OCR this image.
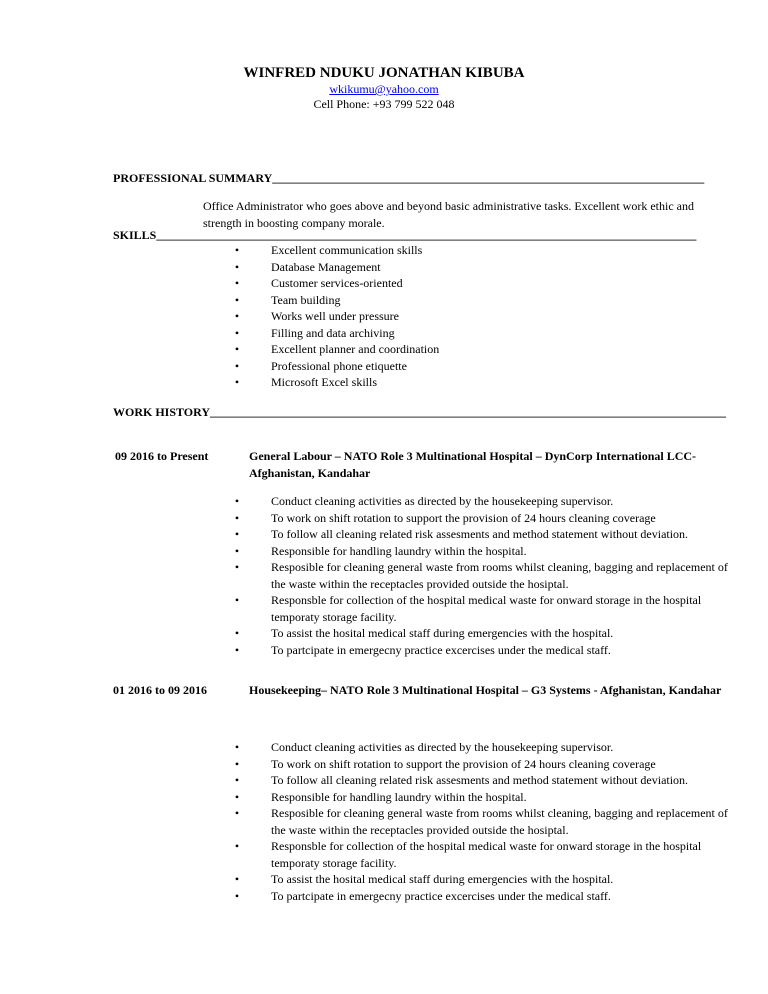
WINFRED NDUKU JONATHAN KIBUBA
wkikumu@yahoo.com
Cell Phone: +93 799 522 048
PROFESSIONAL SUMMARY________________________________________________________________________
Office Administrator who goes above and beyond basic administrative tasks. Excellent work ethic and strength in boosting company morale.
SKILLS__________________________________________________________________________________________
•	Excellent communication skills
•	Database Management
•	Customer services-oriented
•	Team building
•	Works well under pressure
•	Filling and data archiving
•	Excellent planner and coordination
•	Professional phone etiquette
•	Microsoft Excel skills
WORK HISTORY______________________________________________________________________________________
09 2016 to Present	General Labour – NATO Role 3 Multinational Hospital – DynCorp International LCC- Afghanistan, Kandahar
•	Conduct cleaning activities as directed by the housekeeping supervisor.
•	To work on shift rotation to support the provision of 24 hours cleaning coverage
•	To follow all cleaning related risk assesments and method statement without deviation.
•	Responsible for handling laundry within the hospital.
•	Resposible for cleaning general waste from rooms whilst cleaning, bagging and replacement of the waste within the receptacles provided outside the hosiptal.
•	Responsble for collection of the hospital medical waste for onward storage in the hospital temporaty storage facility.
•	To assist the hosital medical staff during emergencies with the hospital.
•	To partcipate in emergecny practice excercises under the medical staff.
01 2016 to 09 2016	Housekeeping– NATO Role 3 Multinational Hospital – G3 Systems - Afghanistan, Kandahar
•	Conduct cleaning activities as directed by the housekeeping supervisor.
•	To work on shift rotation to support the provision of 24 hours cleaning coverage
•	To follow all cleaning related risk assesments and method statement without deviation.
•	Responsible for handling laundry within the hospital.
•	Resposible for cleaning general waste from rooms whilst cleaning, bagging and replacement of the waste within the receptacles provided outside the hosiptal.
•	Responsble for collection of the hospital medical waste for onward storage in the hospital temporaty storage facility.
•	To assist the hosital medical staff during emergencies with the hospital.
•	To partcipate in emergecny practice excercises under the medical staff.
